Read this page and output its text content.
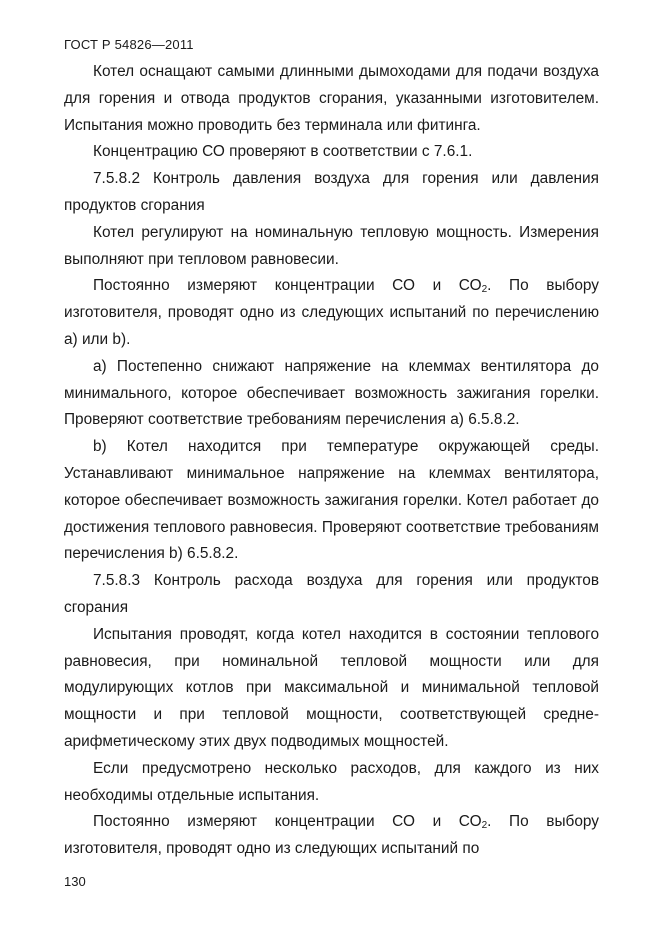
ГОСТ Р 54826—2011

Котел оснащают самыми длинными дымоходами для подачи воздуха для горения и отвода продуктов сгорания, указанными изготовителем. Испытания можно проводить без терминала или фитинга.

Концентрацию СО проверяют в соответствии с 7.6.1.

7.5.8.2 Контроль давления воздуха для горения или давления продуктов сгорания

Котел регулируют на номинальную тепловую мощность. Измерения выполняют при тепловом равновесии.

Постоянно измеряют концентрации СО и $СО_2$. По выбору изготовителя, проводят одно из следующих испытаний по перечислению а) или b).

а) Постепенно снижают напряжение на клеммах вентилятора до минимального, которое обеспечивает возможность зажигания горелки. Проверяют соответствие требованиям перечисления а) 6.5.8.2.

b) Котел находится при температуре окружающей среды. Устанавливают минимальное напряжение на клеммах вентилятора, которое обеспечивает возможность зажигания горелки. Котел работает до достижения теплового равновесия. Проверяют соответствие требованиям перечисления b) 6.5.8.2.

7.5.8.3 Контроль расхода воздуха для горения или продуктов сгорания

Испытания проводят, когда котел находится в состоянии теплового равновесия, при номинальной тепловой мощности или для модулирующих котлов при максимальной и минимальной тепловой мощности и при тепловой мощности, соответствующей средне-арифметическому этих двух подводимых мощностей.

Если предусмотрено несколько расходов, для каждого из них необходимы отдельные испытания.

Постоянно измеряют концентрации СО и $СО_2$. По выбору изготовителя, проводят одно из следующих испытаний по

130
